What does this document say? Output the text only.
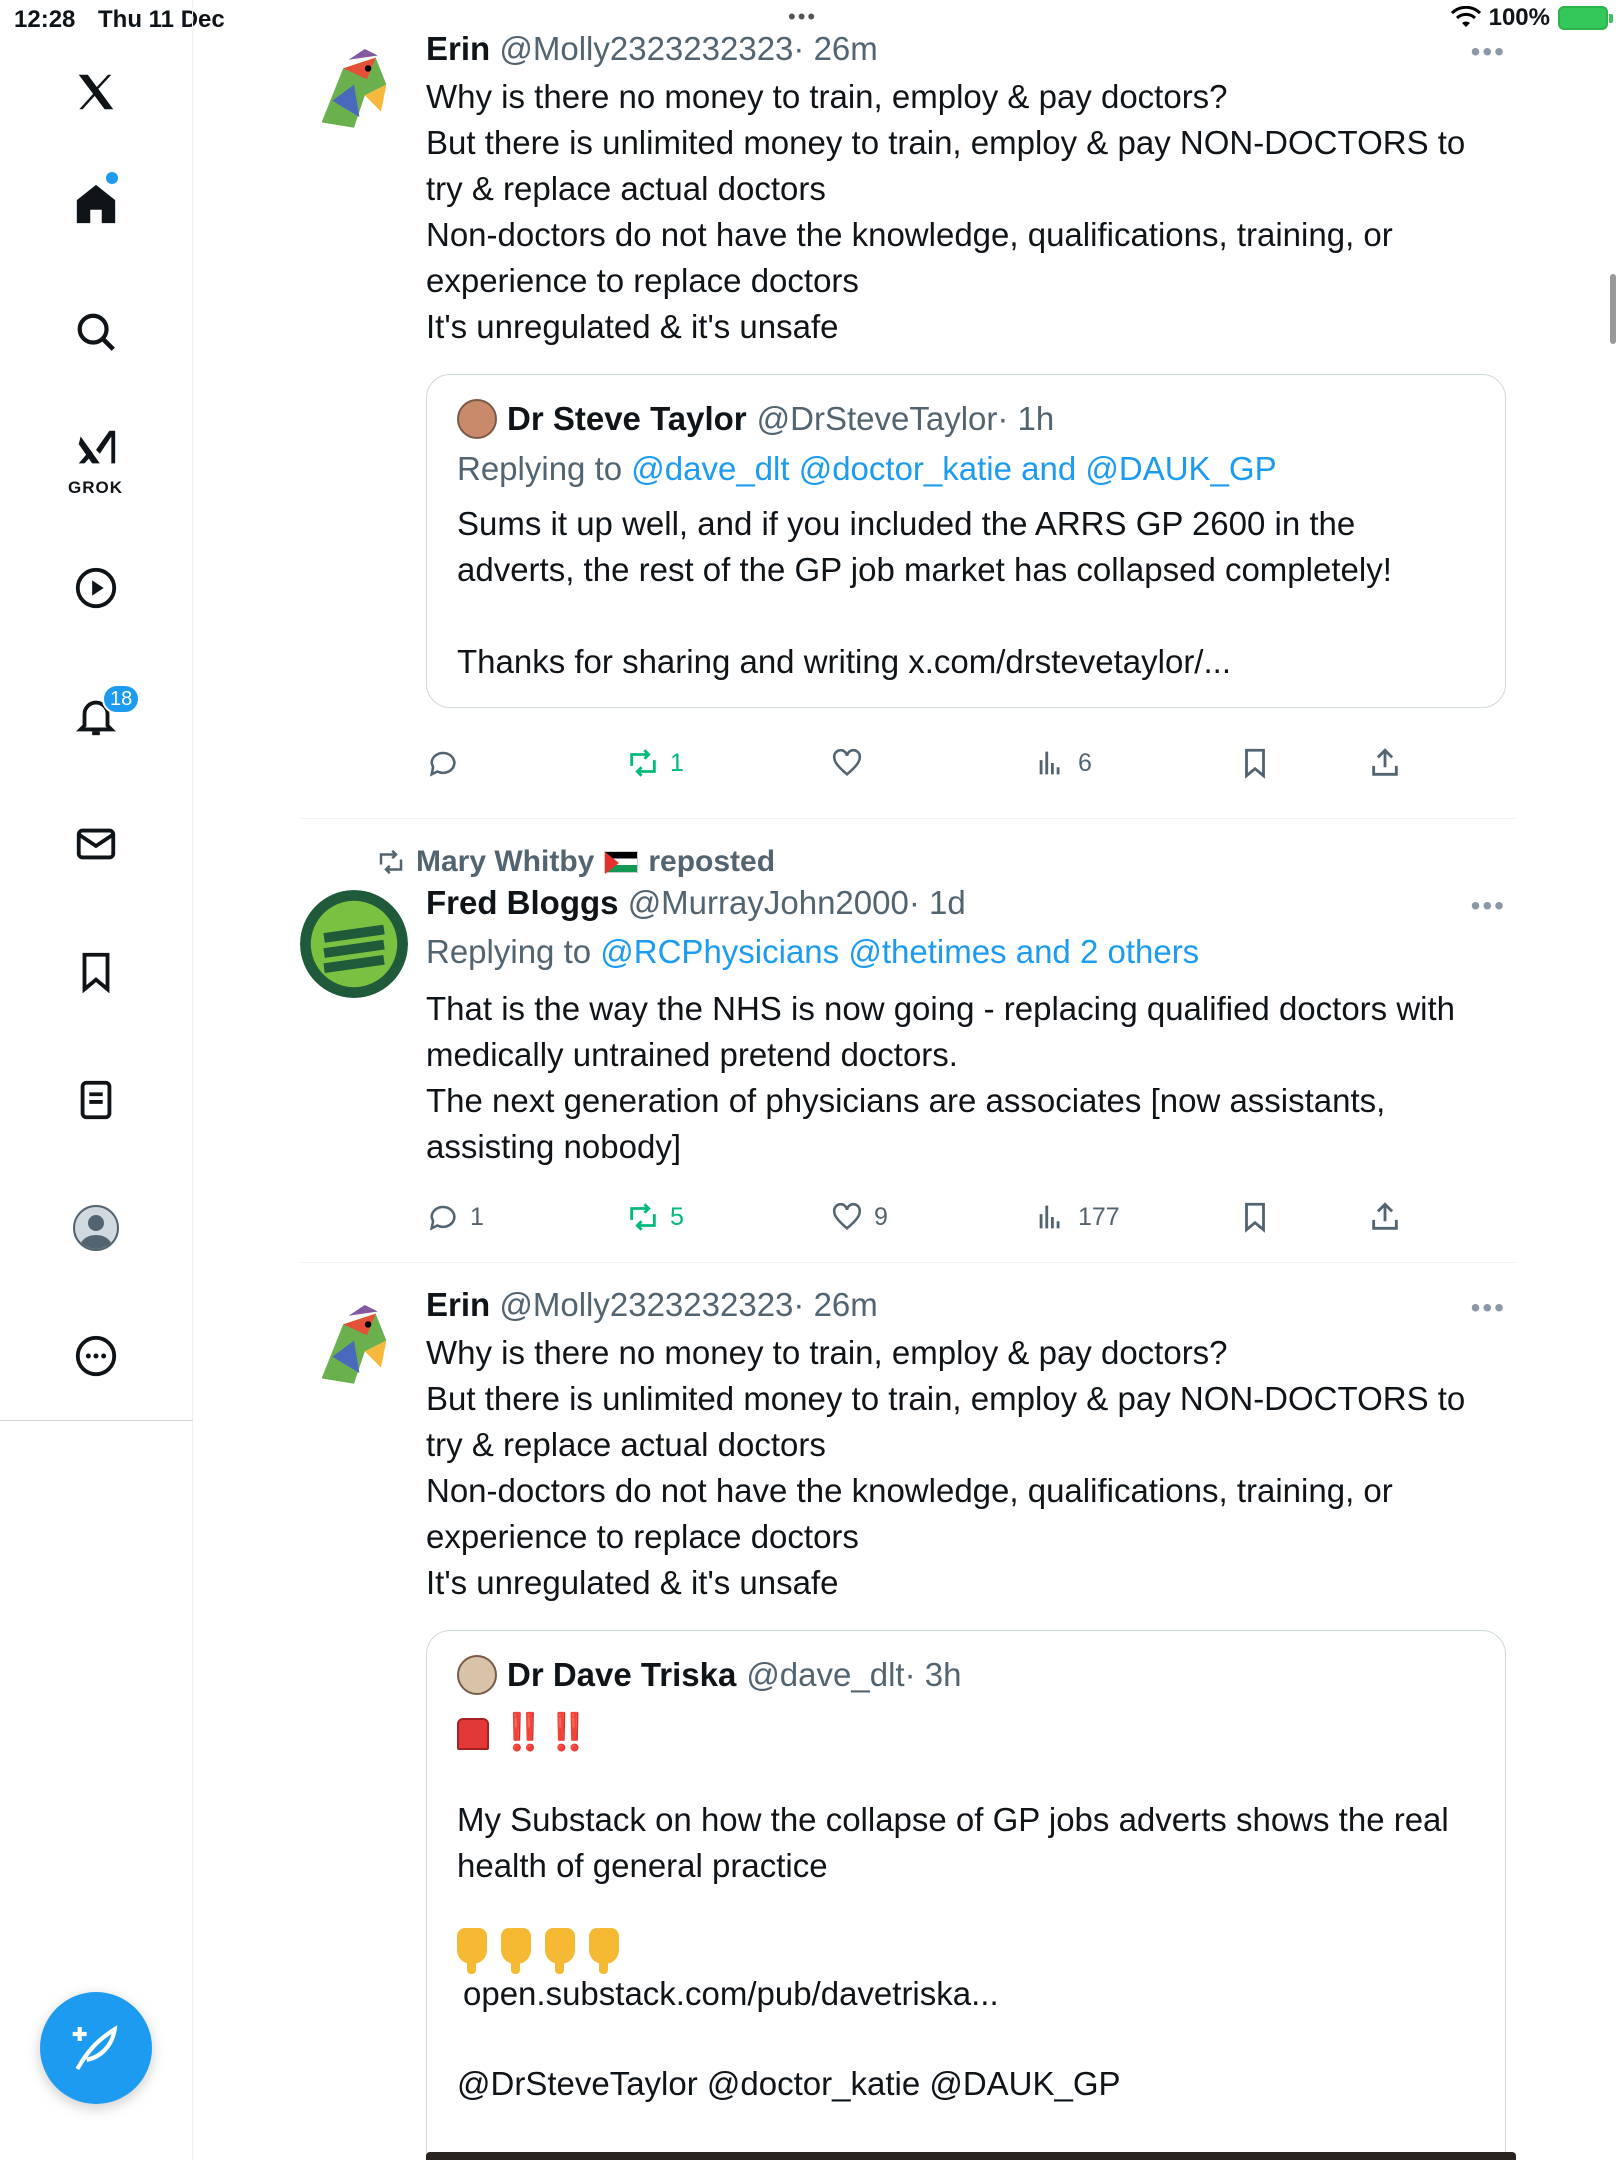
12:28 Thu 11 Dec	•••	100%
GROK
18
Erin @Molly2323232323· 26m	•••
Why is there no money to train, employ & pay doctors?
But there is unlimited money to train, employ & pay NON-DOCTORS to try & replace actual doctors
Non-doctors do not have the knowledge, qualifications, training, or experience to replace doctors
It's unregulated & it's unsafe
Dr Steve Taylor @DrSteveTaylor · 1h
Replying to @dave_dlt @doctor_katie and @DAUK_GP
Sums it up well, and if you included the ARRS GP 2600 in the adverts, the rest of the GP job market has collapsed completely!

Thanks for sharing and writing x.com/drstevetaylor/...
1	6
Mary Whitby reposted
Fred Bloggs @MurrayJohn2000· 1d	•••
Replying to @RCPhysicians @thetimes and 2 others
That is the way the NHS is now going - replacing qualified doctors with medically untrained pretend doctors.
The next generation of physicians are associates [now assistants, assisting nobody]
1	5	9	177
Erin @Molly2323232323· 26m	•••
Why is there no money to train, employ & pay doctors?
But there is unlimited money to train, employ & pay NON-DOCTORS to try & replace actual doctors
Non-doctors do not have the knowledge, qualifications, training, or experience to replace doctors
It's unregulated & it's unsafe
Dr Dave Triska @dave_dlt · 3h
‼️‼️
My Substack on how the collapse of GP jobs adverts shows the real health of general practice
open.substack.com/pub/davetriska...
@DrSteveTaylor @doctor_katie @DAUK_GP
